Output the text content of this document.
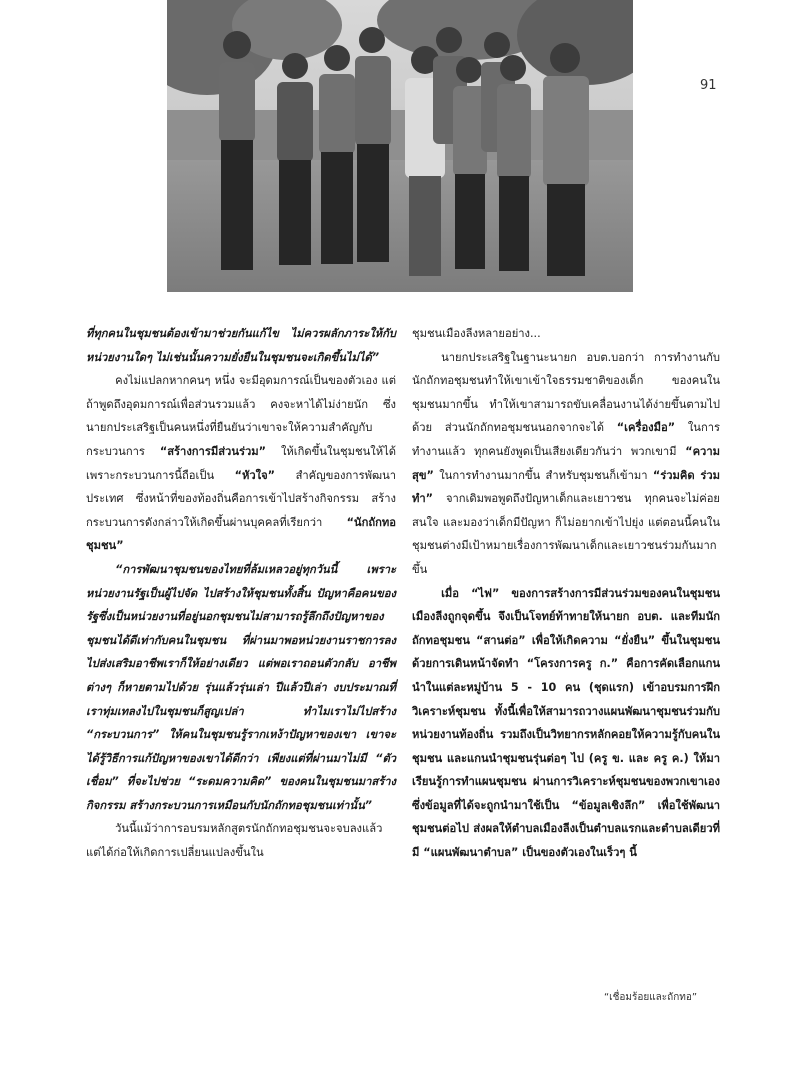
91

ที่ทุกคนในชุมชนต้องเข้ามาช่วยกันแก้ไข ไม่ควรผลักภาระให้กับหน่วยงานใดๆ ไม่เช่นนั้นความยั่งยืนในชุมชนจะเกิดขึ้นไม่ได้”

คงไม่แปลกหากคนๆ หนึ่ง จะมีอุดมการณ์เป็นของตัวเอง แต่ถ้าพูดถึงอุดมการณ์เพื่อส่วนรวมแล้ว คงจะหาได้ไม่ง่ายนัก ซึ่งนายกประเสริฐเป็นคนหนึ่งที่ยืนยันว่าเขาจะให้ความสำคัญกับกระบวนการ “สร้างการมีส่วนร่วม” ให้เกิดขึ้นในชุมชนให้ได้ เพราะกระบวนการนี้ถือเป็น “หัวใจ” สำคัญของการพัฒนาประเทศ ซึ่งหน้าที่ของท้องถิ่นคือการเข้าไปสร้างกิจกรรม สร้างกระบวนการดังกล่าวให้เกิดขึ้นผ่านบุคคลที่เรียกว่า “นักถักทอชุมชน”

“การพัฒนาชุมชนของไทยที่ล้มเหลวอยู่ทุกวันนี้ เพราะหน่วยงานรัฐเป็นผู้ไปจัด ไปสร้างให้ชุมชนทั้งสิ้น ปัญหาคือคนของรัฐซึ่งเป็นหน่วยงานที่อยู่นอกชุมชนไม่สามารถรู้ลึกถึงปัญหาของชุมชนได้ดีเท่ากับคนในชุมชน ที่ผ่านมาพอหน่วยงานราชการลงไปส่งเสริมอาชีพเราก็ให้อย่างเดียว แต่พอเราถอนตัวกลับ อาชีพต่างๆ ก็หายตามไปด้วย รุ่นแล้วรุ่นเล่า ปีแล้วปีเล่า งบประมาณที่เราทุ่มเทลงไปในชุมชนก็สูญเปล่า ทำไมเราไม่ไปสร้าง “กระบวนการ” ให้คนในชุมชนรู้รากเหง้าปัญหาของเขา เขาจะได้รู้วิธีการแก้ปัญหาของเขาได้ดีกว่า เพียงแต่ที่ผ่านมาไม่มี “ตัวเชื่อม” ที่จะไปช่วย “ระดมความคิด” ของคนในชุมชนมาสร้างกิจกรรม สร้างกระบวนการเหมือนกับนักถักทอชุมชนเท่านั้น”

วันนี้แม้ว่าการอบรมหลักสูตรนักถักทอชุมชนจะจบลงแล้ว แต่ได้ก่อให้เกิดการเปลี่ยนแปลงขึ้นใน

ชุมชนเมืองลีงหลายอย่าง...

นายกประเสริฐในฐานะนายก อบต.บอกว่า การทำงานกับนักถักทอชุมชนทำให้เขาเข้าใจธรรมชาติของเด็ก ของคนในชุมชนมากขึ้น ทำให้เขาสามารถขับเคลื่อนงานได้ง่ายขึ้นตามไปด้วย ส่วนนักถักทอชุมชนนอกจากจะได้ “เครื่องมือ” ในการทำงานแล้ว ทุกคนยังพูดเป็นเสียงเดียวกันว่า พวกเขามี “ความสุข” ในการทำงานมากขึ้น สำหรับชุมชนก็เข้ามา “ร่วมคิด ร่วมทำ” จากเดิมพอพูดถึงปัญหาเด็กและเยาวชน ทุกคนจะไม่ค่อยสนใจ และมองว่าเด็กมีปัญหา ก็ไม่อยากเข้าไปยุ่ง แต่ตอนนี้คนในชุมชนต่างมีเป้าหมายเรื่องการพัฒนาเด็กและเยาวชนร่วมกันมากขึ้น

เมื่อ “ไฟ” ของการสร้างการมีส่วนร่วมของคนในชุมชนเมืองลีงถูกจุดขึ้น จึงเป็นโจทย์ท้าทายให้นายก อบต. และทีมนักถักทอชุมชน “สานต่อ” เพื่อให้เกิดความ “ยั่งยืน” ขึ้นในชุมชน ด้วยการเดินหน้าจัดทำ “โครงการครู ก.” คือการคัดเลือกแกนนำในแต่ละหมู่บ้าน 5 - 10 คน (ชุดแรก) เข้าอบรมการฝึกวิเคราะห์ชุมชน ทั้งนี้เพื่อให้สามารถวางแผนพัฒนาชุมชนร่วมกับหน่วยงานท้องถิ่น รวมถึงเป็นวิทยากรหลักคอยให้ความรู้กับคนในชุมชน และแกนนำชุมชนรุ่นต่อๆ ไป (ครู ข. และ ครู ค.) ให้มาเรียนรู้การทำแผนชุมชน ผ่านการวิเคราะห์ชุมชนของพวกเขาเอง ซึ่งข้อมูลที่ได้จะถูกนำมาใช้เป็น “ข้อมูลเชิงลึก” เพื่อใช้พัฒนาชุมชนต่อไป ส่งผลให้ตำบลเมืองลีงเป็นตำบลแรกและตำบลเดียวที่มี “แผนพัฒนาตำบล” เป็นของตัวเองในเร็วๆ นี้

“เชื่อมร้อยและถักทอ”
